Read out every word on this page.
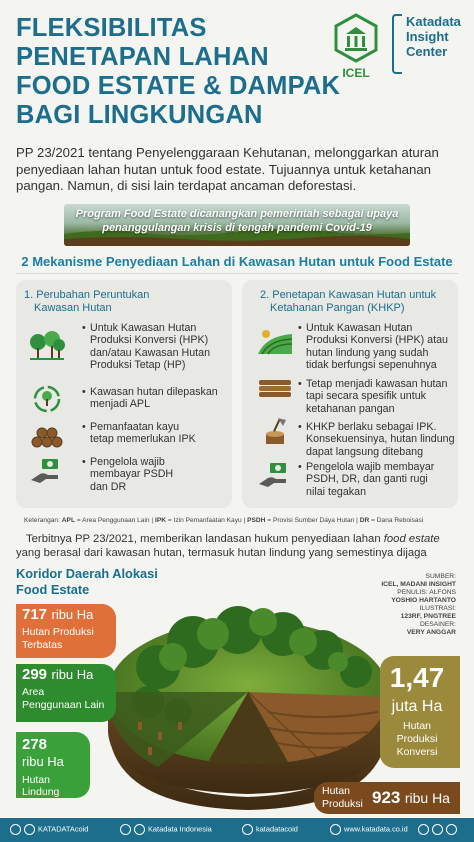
FLEKSIBILITAS
PENETAPAN LAHAN
FOOD ESTATE & DAMPAK
BAGI LINGKUNGAN
ICEL
Katadata
Insight
Center
PP 23/2021 tentang Penyelenggaraan Kehutanan, melonggarkan aturan penyediaan lahan hutan untuk food estate. Tujuannya untuk ketahanan pangan. Namun, di sisi lain terdapat ancaman deforestasi.
Program Food Estate dicanangkan pemerintah sebagai upaya
penanggulangan krisis di tengah pandemi Covid-19
2 Mekanisme Penyediaan Lahan di Kawasan Hutan untuk Food Estate
1. Perubahan Peruntukan
Kawasan Hutan
• Untuk Kawasan Hutan
Produksi Konversi (HPK)
dan/atau Kawasan Hutan
Produksi Tetap (HP)
• Kawasan hutan dilepaskan
menjadi APL
• Pemanfaatan kayu
tetap memerlukan IPK
• Pengelola wajib
membayar PSDH
dan DR
2. Penetapan Kawasan Hutan untuk
Ketahanan Pangan (KHKP)
• Untuk Kawasan Hutan
Produksi Konversi (HPK) atau
hutan lindung yang sudah
tidak berfungsi sepenuhnya
• Tetap menjadi kawasan hutan
tapi secara spesifik untuk
ketahanan pangan
• KHKP berlaku sebagai IPK.
Konsekuensinya, hutan lindung
dapat langsung ditebang
• Pengelola wajib membayar
PSDH, DR, dan ganti rugi
nilai tegakan
Keterangan: APL = Area Penggunaan Lain | IPK = Izin Pemanfaatan Kayu | PSDH = Provisi Sumber Daya Hutan | DR = Dana Reboisasi
Terbitnya PP 23/2021, memberikan landasan hukum penyediaan lahan food estate
yang berasal dari kawasan hutan, termasuk hutan lindung yang semestinya dijaga
Koridor Daerah Alokasi
Food Estate
SUMBER:
ICEL, MADANI INSIGHT
PENULIS: ALFONS
YOSHIO HARTANTO
ILUSTRASI:
123RF, PNGTREE
DESAINER:
VERY ANGGAR
717 ribu Ha
Hutan Produksi
Terbatas
299 ribu Ha
Area
Penggunaan Lain
278
ribu Ha
Hutan Lindung
1,47
juta Ha
Hutan
Produksi
Konversi
Hutan
Produksi 923 ribu Ha
KATADATAcoid	Katadata Indonesia	katadatacoid	www.katadata.co.id
